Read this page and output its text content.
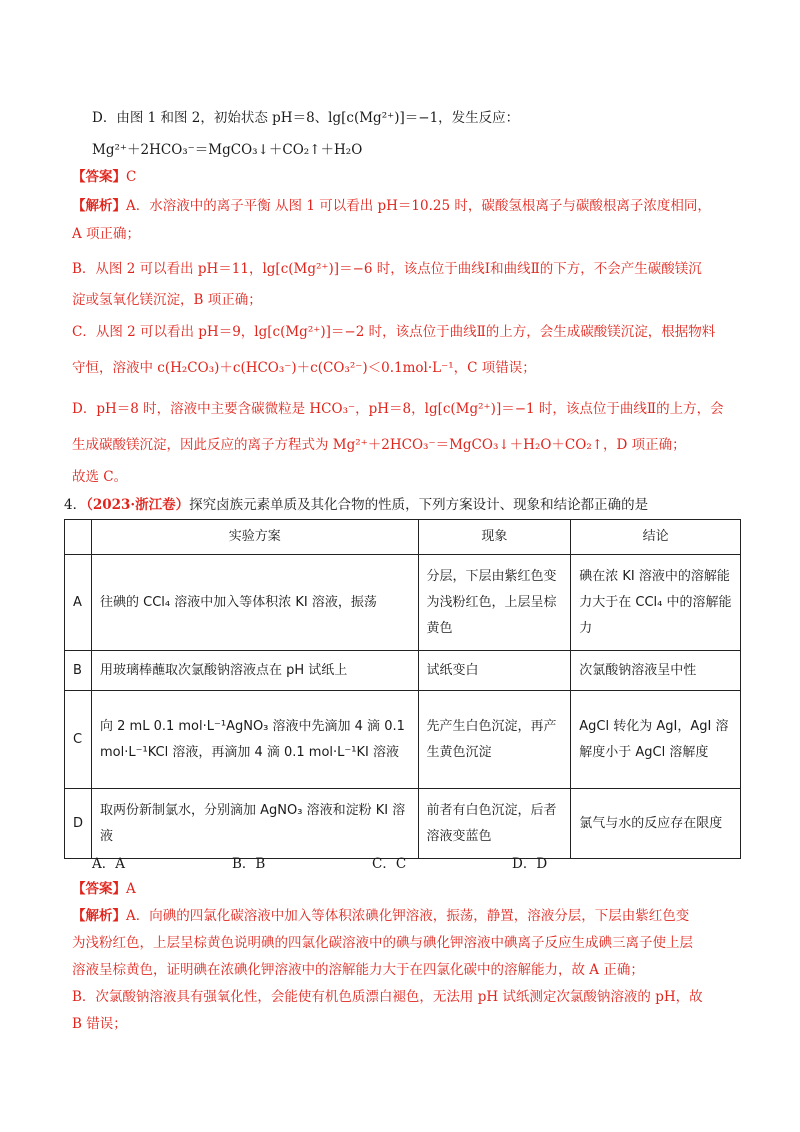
D．由图 1 和图 2，初始状态 pH＝8、lg[c(Mg²⁺)]＝−1，发生反应：
Mg²⁺＋2HCO₃⁻＝MgCO₃↓＋CO₂↑＋H₂O
【答案】C
【解析】A．水溶液中的离子平衡 从图 1 可以看出 pH＝10.25 时，碳酸氢根离子与碳酸根离子浓度相同，
A 项正确；
B．从图 2 可以看出 pH＝11，lg[c(Mg²⁺)]＝−6 时，该点位于曲线Ⅰ和曲线Ⅱ的下方，不会产生碳酸镁沉
淀或氢氧化镁沉淀，B 项正确；
C．从图 2 可以看出 pH＝9，lg[c(Mg²⁺)]＝−2 时，该点位于曲线Ⅱ的上方，会生成碳酸镁沉淀，根据物料
守恒，溶液中 c(H₂CO₃)＋c(HCO₃⁻)＋c(CO₃²⁻)＜0.1mol·L⁻¹，C 项错误；
D．pH＝8 时，溶液中主要含碳微粒是 HCO₃⁻，pH＝8，lg[c(Mg²⁺)]＝−1 时，该点位于曲线Ⅱ的上方，会
生成碳酸镁沉淀，因此反应的离子方程式为 Mg²⁺＋2HCO₃⁻＝MgCO₃↓＋H₂O＋CO₂↑，D 项正确；
故选 C。
4．（2023·浙江卷）探究卤族元素单质及其化合物的性质，下列方案设计、现象和结论都正确的是
	实验方案	现象	结论
A	往碘的 CCl₄ 溶液中加入等体积浓 KI 溶液，振荡	分层，下层由紫红色变为浅粉红色，上层呈棕黄色	碘在浓 KI 溶液中的溶解能力大于在 CCl₄ 中的溶解能力
B	用玻璃棒蘸取次氯酸钠溶液点在 pH 试纸上	试纸变白	次氯酸钠溶液呈中性
C	向 2 mL 0.1 mol·L⁻¹AgNO₃ 溶液中先滴加 4 滴 0.1 mol·L⁻¹KCl 溶液，再滴加 4 滴 0.1 mol·L⁻¹KI 溶液	先产生白色沉淀，再产生黄色沉淀	AgCl 转化为 AgI，AgI 溶解度小于 AgCl 溶解度
D	取两份新制氯水，分别滴加 AgNO₃ 溶液和淀粉 KI 溶液	前者有白色沉淀，后者溶液变蓝色	氯气与水的反应存在限度
A．A	B．B	C．C	D．D
【答案】A
【解析】A．向碘的四氯化碳溶液中加入等体积浓碘化钾溶液，振荡，静置，溶液分层，下层由紫红色变
为浅粉红色，上层呈棕黄色说明碘的四氯化碳溶液中的碘与碘化钾溶液中碘离子反应生成碘三离子使上层
溶液呈棕黄色，证明碘在浓碘化钾溶液中的溶解能力大于在四氯化碳中的溶解能力，故 A 正确；
B．次氯酸钠溶液具有强氧化性，会能使有机色质漂白褪色，无法用 pH 试纸测定次氯酸钠溶液的 pH，故
B 错误；
